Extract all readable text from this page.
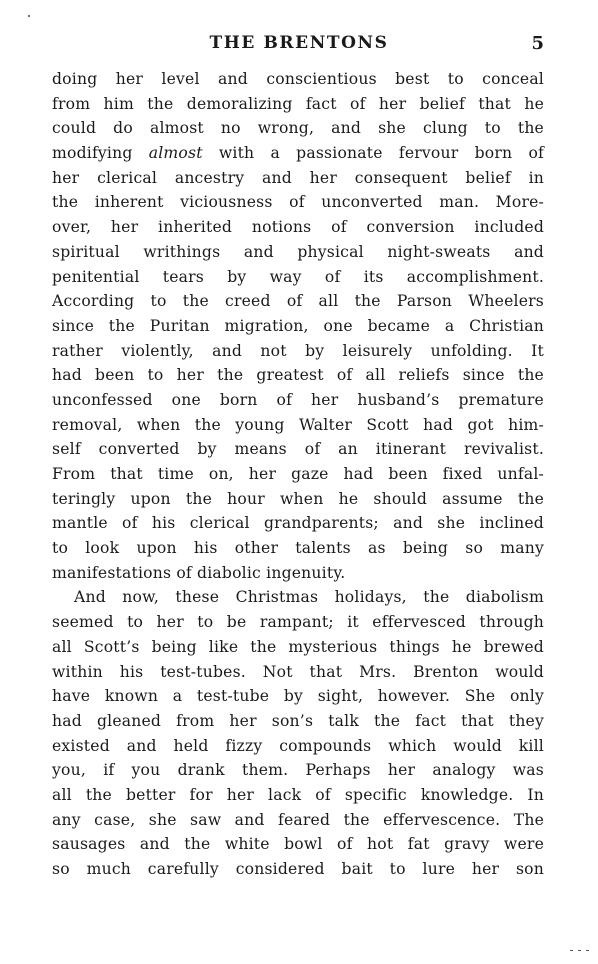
THE BRENTONS	5
doing her level and conscientious best to conceal
from him the demoralizing fact of her belief that he
could do almost no wrong, and she clung to the
modifying almost with a passionate fervour born of
her clerical ancestry and her consequent belief in
the inherent viciousness of unconverted man. More-
over, her inherited notions of conversion included
spiritual writhings and physical night-sweats and
penitential tears by way of its accomplishment.
According to the creed of all the Parson Wheelers
since the Puritan migration, one became a Christian
rather violently, and not by leisurely unfolding. It
had been to her the greatest of all reliefs since the
unconfessed one born of her husband’s premature
removal, when the young Walter Scott had got him-
self converted by means of an itinerant revivalist.
From that time on, her gaze had been fixed unfal-
teringly upon the hour when he should assume the
mantle of his clerical grandparents; and she inclined
to look upon his other talents as being so many
manifestations of diabolic ingenuity.
And now, these Christmas holidays, the diabolism
seemed to her to be rampant; it effervesced through
all Scott’s being like the mysterious things he brewed
within his test-tubes. Not that Mrs. Brenton would
have known a test-tube by sight, however. She only
had gleaned from her son’s talk the fact that they
existed and held fizzy compounds which would kill
you, if you drank them. Perhaps her analogy was
all the better for her lack of specific knowledge. In
any case, she saw and feared the effervescence. The
sausages and the white bowl of hot fat gravy were
so much carefully considered bait to lure her son
